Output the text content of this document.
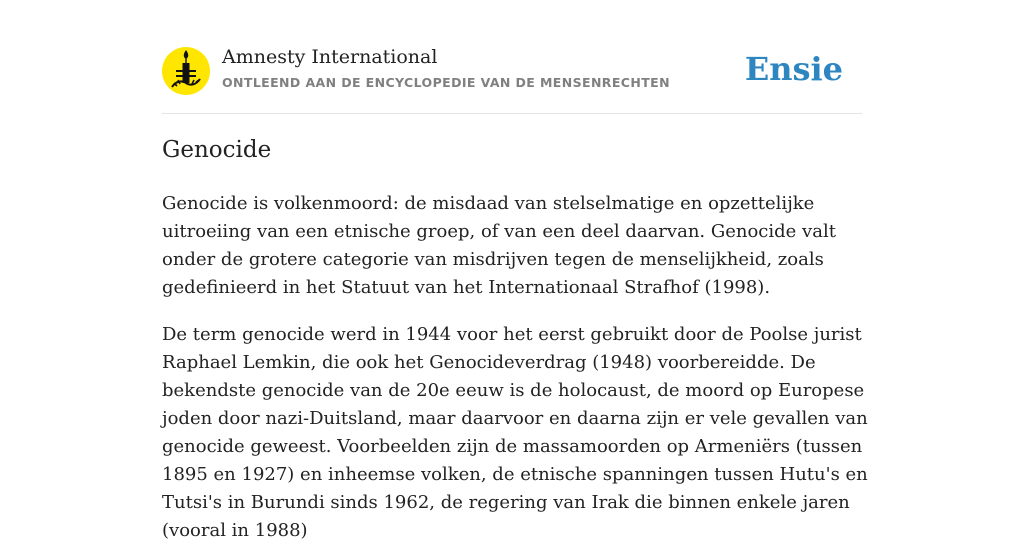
Amnesty International
ONTLEEND AAN DE ENCYCLOPEDIE VAN DE MENSENRECHTEN Ensie
Genocide

Genocide is volkenmoord: de misdaad van stelselmatige en opzettelijke uitroeiing van een etnische groep, of van een deel daarvan. Genocide valt onder de grotere categorie van misdrijven tegen de menselijkheid, zoals gedefinieerd in het Statuut van het Internationaal Strafhof (1998).

De term genocide werd in 1944 voor het eerst gebruikt door de Poolse jurist Raphael Lemkin, die ook het Genocideverdrag (1948) voorbereidde. De bekendste genocide van de 20e eeuw is de holocaust, de moord op Europese joden door nazi-Duitsland, maar daarvoor en daarna zijn er vele gevallen van genocide geweest. Voorbeelden zijn de massamoorden op Armeniërs (tussen 1895 en 1927) en inheemse volken, de etnische spanningen tussen Hutu's en Tutsi's in Burundi sinds 1962, de regering van Irak die binnen enkele jaren (vooral in 1988)
